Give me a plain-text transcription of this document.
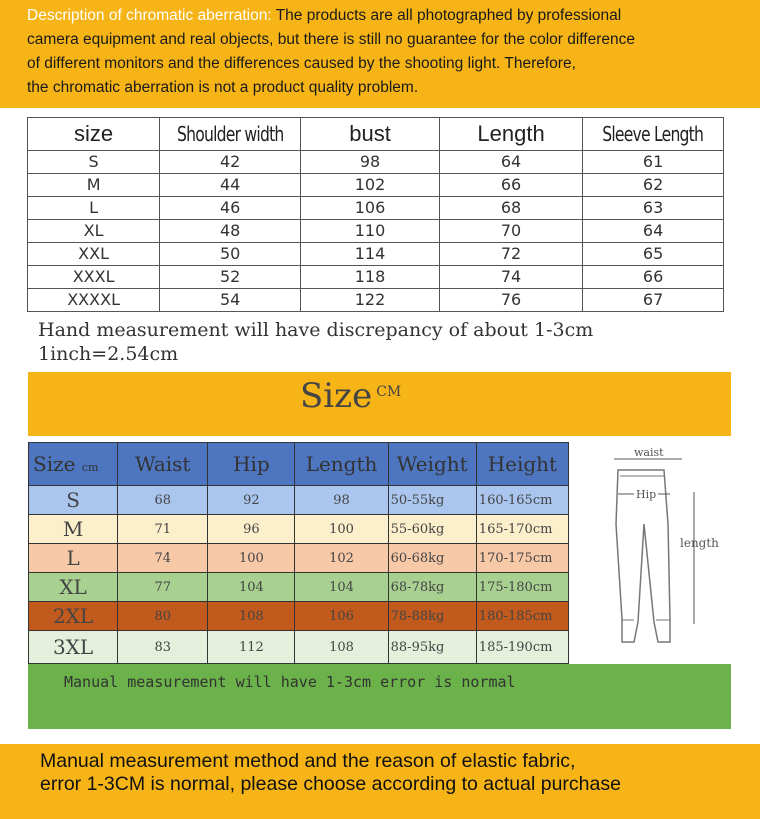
Description of chromatic aberration: The products are all photographed by professional

camera equipment and real objects, but there is still no guarantee for the color difference

of different monitors and the differences caused by the shooting light. Therefore,

the chromatic aberration is not a product quality problem.

size	Shoulder width	bust	Length	Sleeve Length
S	42	98	64	61
M	44	102	66	62
L	46	106	68	63
XL	48	110	70	64
XXL	50	114	72	65
XXXL	52	118	74	66
XXXXL	54	122	76	67
Hand measurement will have discrepancy of about 1-3cm
1inch=2.54cm
Size $^{CM}$
Size cm	Waist	Hip	Length	Weight	Height
S	68	92	98	50-55kg	160-165cm
M	71	96	100	55-60kg	165-170cm
L	74	100	102	60-68kg	170-175cm
XL	77	104	104	68-78kg	175-180cm
2XL	80	108	106	78-88kg	180-185cm
3XL	83	112	108	88-95kg	185-190cm
waist
Hip
length
Manual measurement will have 1-3cm error is normal

Manual measurement method and the reason of elastic fabric,

error 1-3CM is normal, please choose according to actual purchase
